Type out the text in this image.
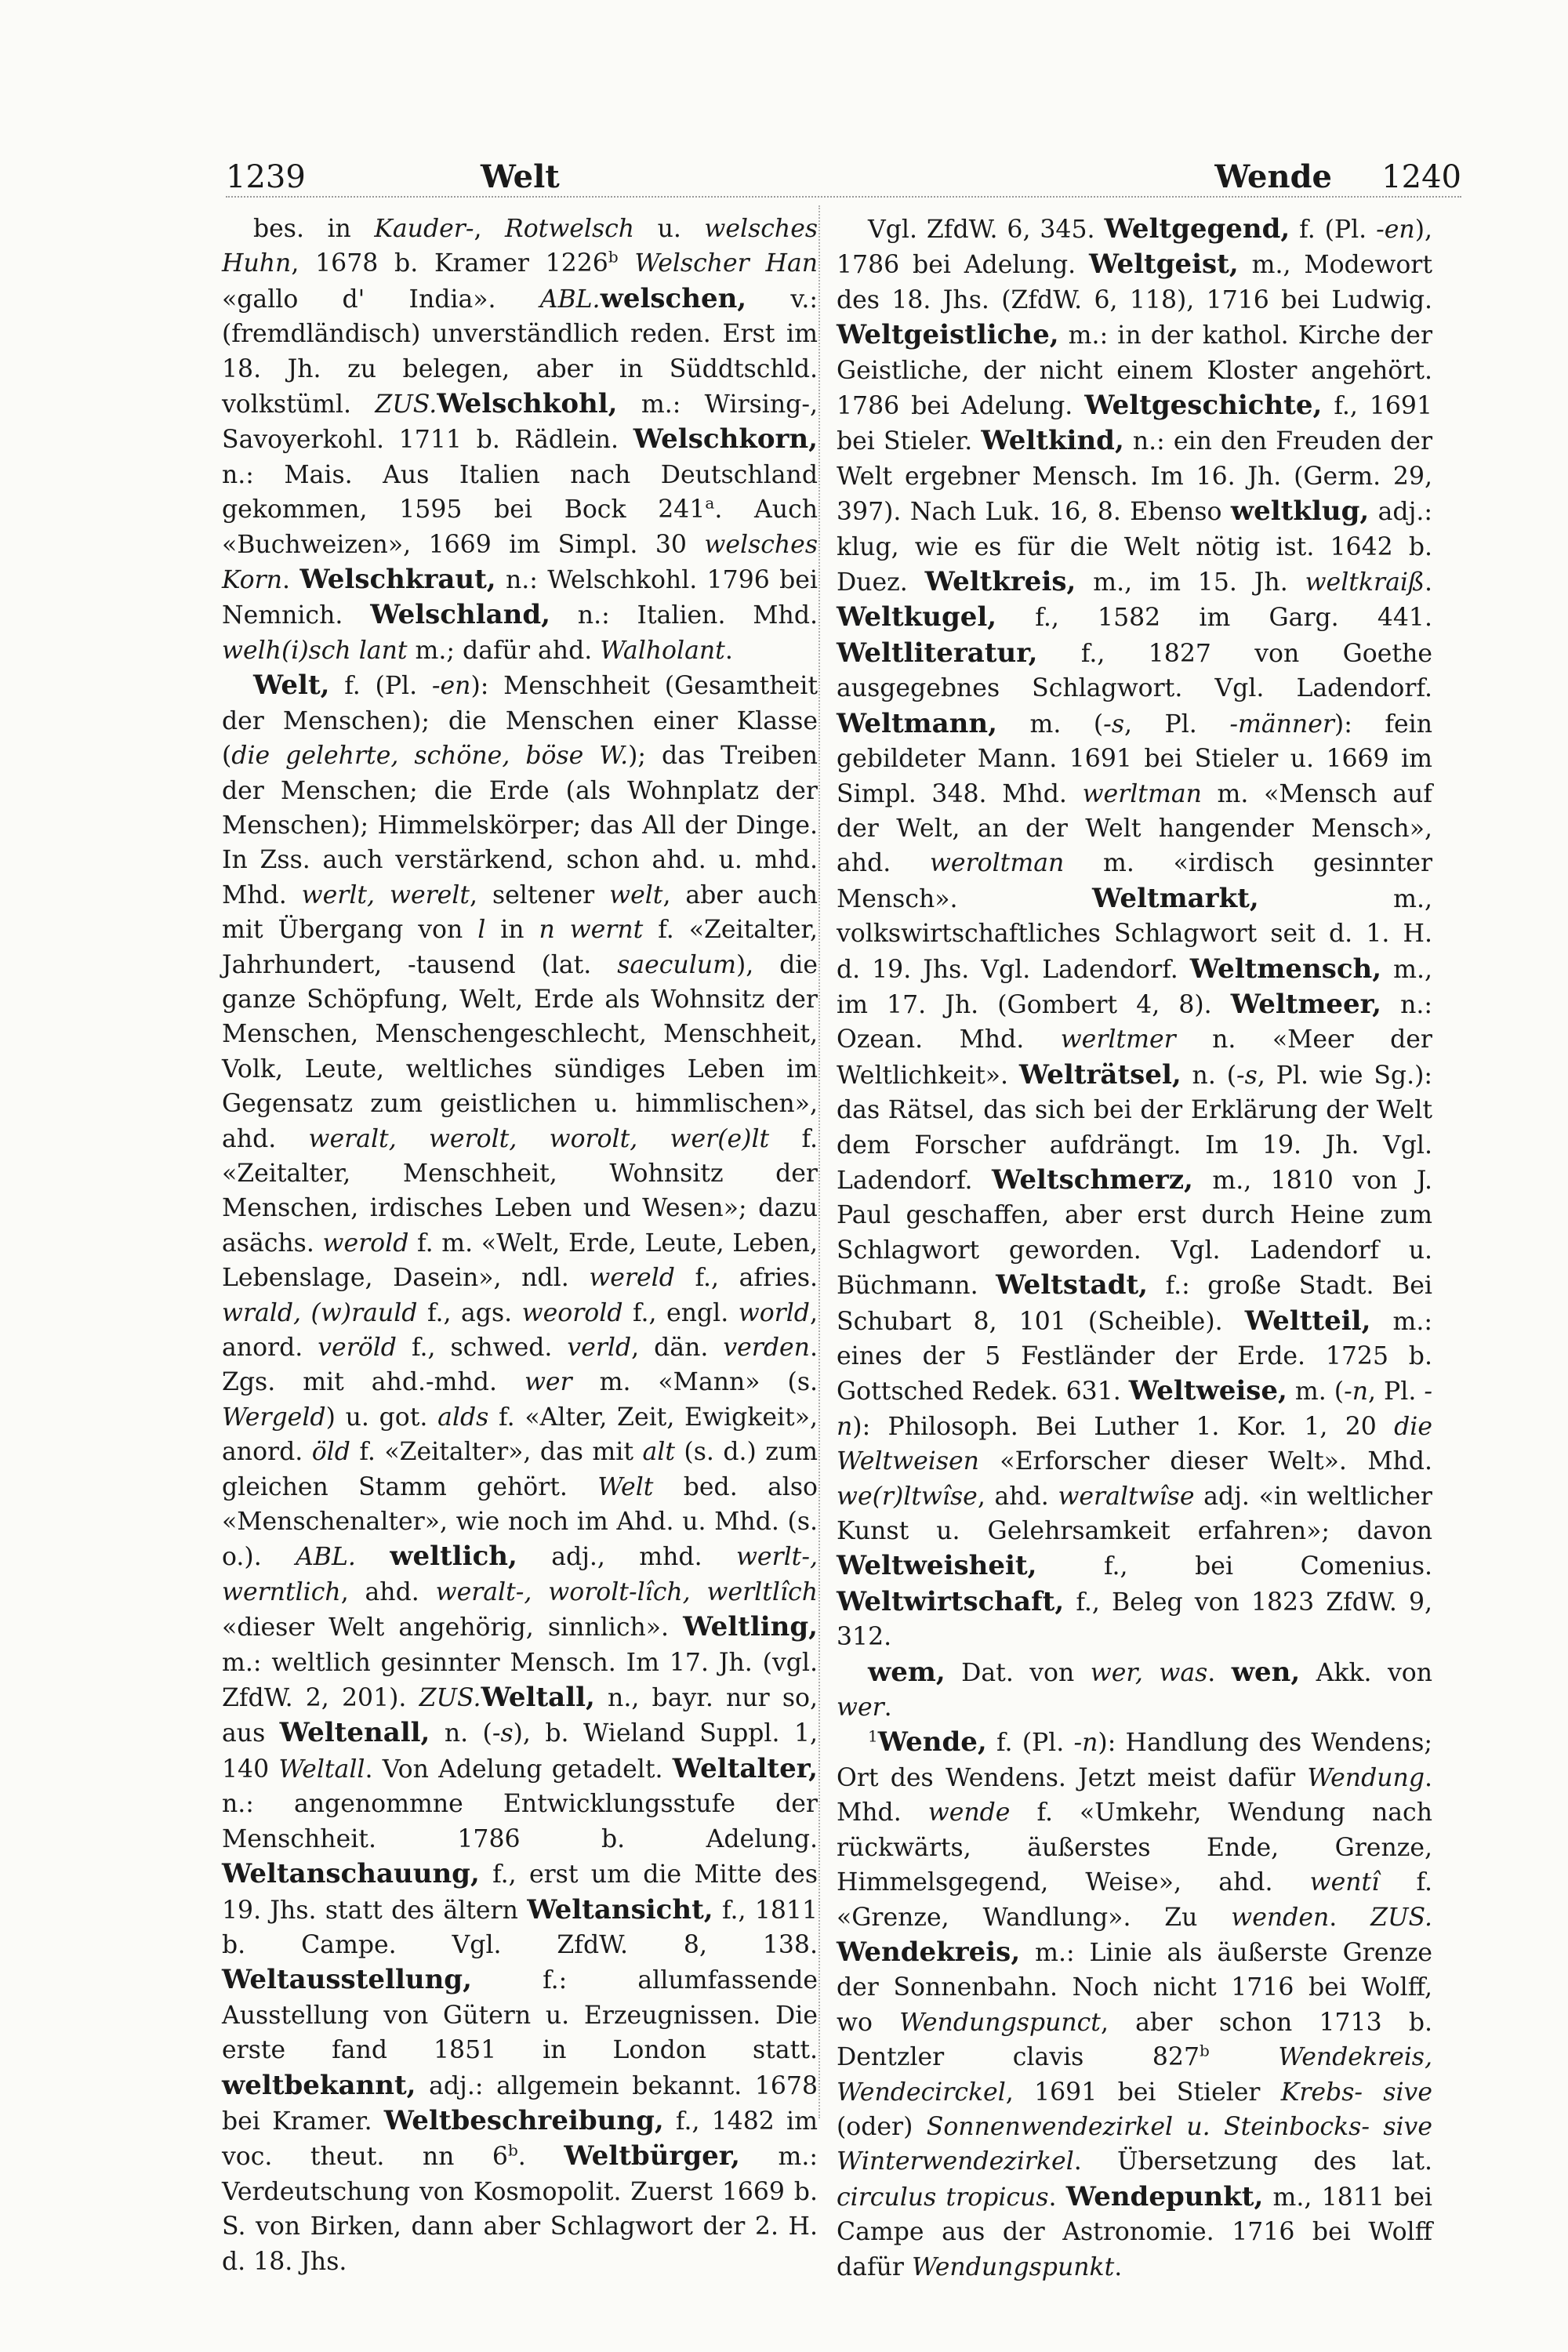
1239	Welt	Wende 1240

bes. in Kauder-, Rotwelsch u. welsches Huhn, 1678 b. Kramer 1226$^b$ Welscher Han «gallo d' India». ABL.welschen, v.: (fremdländisch) unverständlich reden. Erst im 18. Jh. zu belegen, aber in Süddtschld. volkstüml. ZUS.Welschkohl, m.: Wirsing-, Savoyerkohl. 1711 b. Rädlein. Welschkorn, n.: Mais. Aus Italien nach Deutschland gekommen, 1595 bei Bock 241$^a$. Auch «Buchweizen», 1669 im Simpl. 30 welsches Korn. Welschkraut, n.: Welschkohl. 1796 bei Nemnich. Welschland, n.: Italien. Mhd. welh(i)sch lant m.; dafür ahd. Walholant.

Welt, f. (Pl. -en): Menschheit (Gesamtheit der Menschen); die Menschen einer Klasse (die gelehrte, schöne, böse W.); das Treiben der Menschen; die Erde (als Wohnplatz der Menschen); Himmelskörper; das All der Dinge. In Zss. auch verstärkend, schon ahd. u. mhd. Mhd. werlt, werelt, seltener welt, aber auch mit Übergang von l in n wernt f. «Zeitalter, Jahrhundert, -tausend (lat. saeculum), die ganze Schöpfung, Welt, Erde als Wohnsitz der Menschen, Menschengeschlecht, Menschheit, Volk, Leute, weltliches sündiges Leben im Gegensatz zum geistlichen u. himmlischen», ahd. weralt, werolt, worolt, wer(e)lt f. «Zeitalter, Menschheit, Wohnsitz der Menschen, irdisches Leben und Wesen»; dazu asächs. werold f. m. «Welt, Erde, Leute, Leben, Lebenslage, Dasein», ndl. wereld f., afries. wrald, (w)rauld f., ags. weorold f., engl. world, anord. veröld f., schwed. verld, dän. verden. Zgs. mit ahd.-mhd. wer m. «Mann» (s. Wergeld) u. got. alds f. «Alter, Zeit, Ewigkeit», anord. öld f. «Zeitalter», das mit alt (s. d.) zum gleichen Stamm gehört. Welt bed. also «Menschenalter», wie noch im Ahd. u. Mhd. (s. o.). ABL. weltlich, adj., mhd. werlt-, werntlich, ahd. weralt-, worolt-lîch, werltlîch «dieser Welt angehörig, sinnlich». Weltling, m.: weltlich gesinnter Mensch. Im 17. Jh. (vgl. ZfdW. 2, 201). ZUS.Weltall, n., bayr. nur so, aus Weltenall, n. (-s), b. Wieland Suppl. 1, 140 Weltall. Von Adelung getadelt. Weltalter, n.: angenommne Entwicklungsstufe der Menschheit. 1786 b. Adelung. Weltanschauung, f., erst um die Mitte des 19. Jhs. statt des ältern Weltansicht, f., 1811 b. Campe. Vgl. ZfdW. 8, 138. Weltausstellung, f.: allumfassende Ausstellung von Gütern u. Erzeugnissen. Die erste fand 1851 in London statt. weltbekannt, adj.: allgemein bekannt. 1678 bei Kramer. Weltbeschreibung, f., 1482 im voc. theut. nn 6$^b$. Weltbürger, m.: Verdeutschung von Kosmopolit. Zuerst 1669 b. S. von Birken, dann aber Schlagwort der 2. H. d. 18. Jhs.

Vgl. ZfdW. 6, 345. Weltgegend, f. (Pl. -en), 1786 bei Adelung. Weltgeist, m., Modewort des 18. Jhs. (ZfdW. 6, 118), 1716 bei Ludwig. Weltgeistliche, m.: in der kathol. Kirche der Geistliche, der nicht einem Kloster angehört. 1786 bei Adelung. Weltgeschichte, f., 1691 bei Stieler. Weltkind, n.: ein den Freuden der Welt ergebner Mensch. Im 16. Jh. (Germ. 29, 397). Nach Luk. 16, 8. Ebenso weltklug, adj.: klug, wie es für die Welt nötig ist. 1642 b. Duez. Weltkreis, m., im 15. Jh. weltkraiß. Weltkugel, f., 1582 im Garg. 441. Weltliteratur, f., 1827 von Goethe ausgegebnes Schlagwort. Vgl. Ladendorf. Weltmann, m. (-s, Pl. -männer): fein gebildeter Mann. 1691 bei Stieler u. 1669 im Simpl. 348. Mhd. werltman m. «Mensch auf der Welt, an der Welt hangender Mensch», ahd. weroltman m. «irdisch gesinnter Mensch». Weltmarkt, m., volkswirtschaftliches Schlagwort seit d. 1. H. d. 19. Jhs. Vgl. Ladendorf. Weltmensch, m., im 17. Jh. (Gombert 4, 8). Weltmeer, n.: Ozean. Mhd. werltmer n. «Meer der Weltlichkeit». Welträtsel, n. (-s, Pl. wie Sg.): das Rätsel, das sich bei der Erklärung der Welt dem Forscher aufdrängt. Im 19. Jh. Vgl. Ladendorf. Weltschmerz, m., 1810 von J. Paul geschaffen, aber erst durch Heine zum Schlagwort geworden. Vgl. Ladendorf u. Büchmann. Weltstadt, f.: große Stadt. Bei Schubart 8, 101 (Scheible). Weltteil, m.: eines der 5 Festländer der Erde. 1725 b. Gottsched Redek. 631. Weltweise, m. (-n, Pl. -n): Philosoph. Bei Luther 1. Kor. 1, 20 die Weltweisen «Erforscher dieser Welt». Mhd. we(r)ltwîse, ahd. weraltwîse adj. «in weltlicher Kunst u. Gelehrsamkeit erfahren»; davon Weltweisheit, f., bei Comenius. Weltwirtschaft, f., Beleg von 1823 ZfdW. 9, 312.

wem, Dat. von wer, was. wen, Akk. von wer.

$^1$Wende, f. (Pl. -n): Handlung des Wendens; Ort des Wendens. Jetzt meist dafür Wendung. Mhd. wende f. «Umkehr, Wendung nach rückwärts, äußerstes Ende, Grenze, Himmelsgegend, Weise», ahd. wentî f. «Grenze, Wandlung». Zu wenden. ZUS. Wendekreis, m.: Linie als äußerste Grenze der Sonnenbahn. Noch nicht 1716 bei Wolff, wo Wendungspunct, aber schon 1713 b. Dentzler clavis 827$^b$	Wendekreis, Wendecirckel, 1691 bei Stieler Krebs- sive (oder) Sonnenwendezirkel u. Steinbocks- sive Winterwendezirkel. Übersetzung des lat. circulus tropicus. Wendepunkt, m., 1811 bei Campe aus der Astronomie. 1716 bei Wolff dafür Wendungspunkt.
